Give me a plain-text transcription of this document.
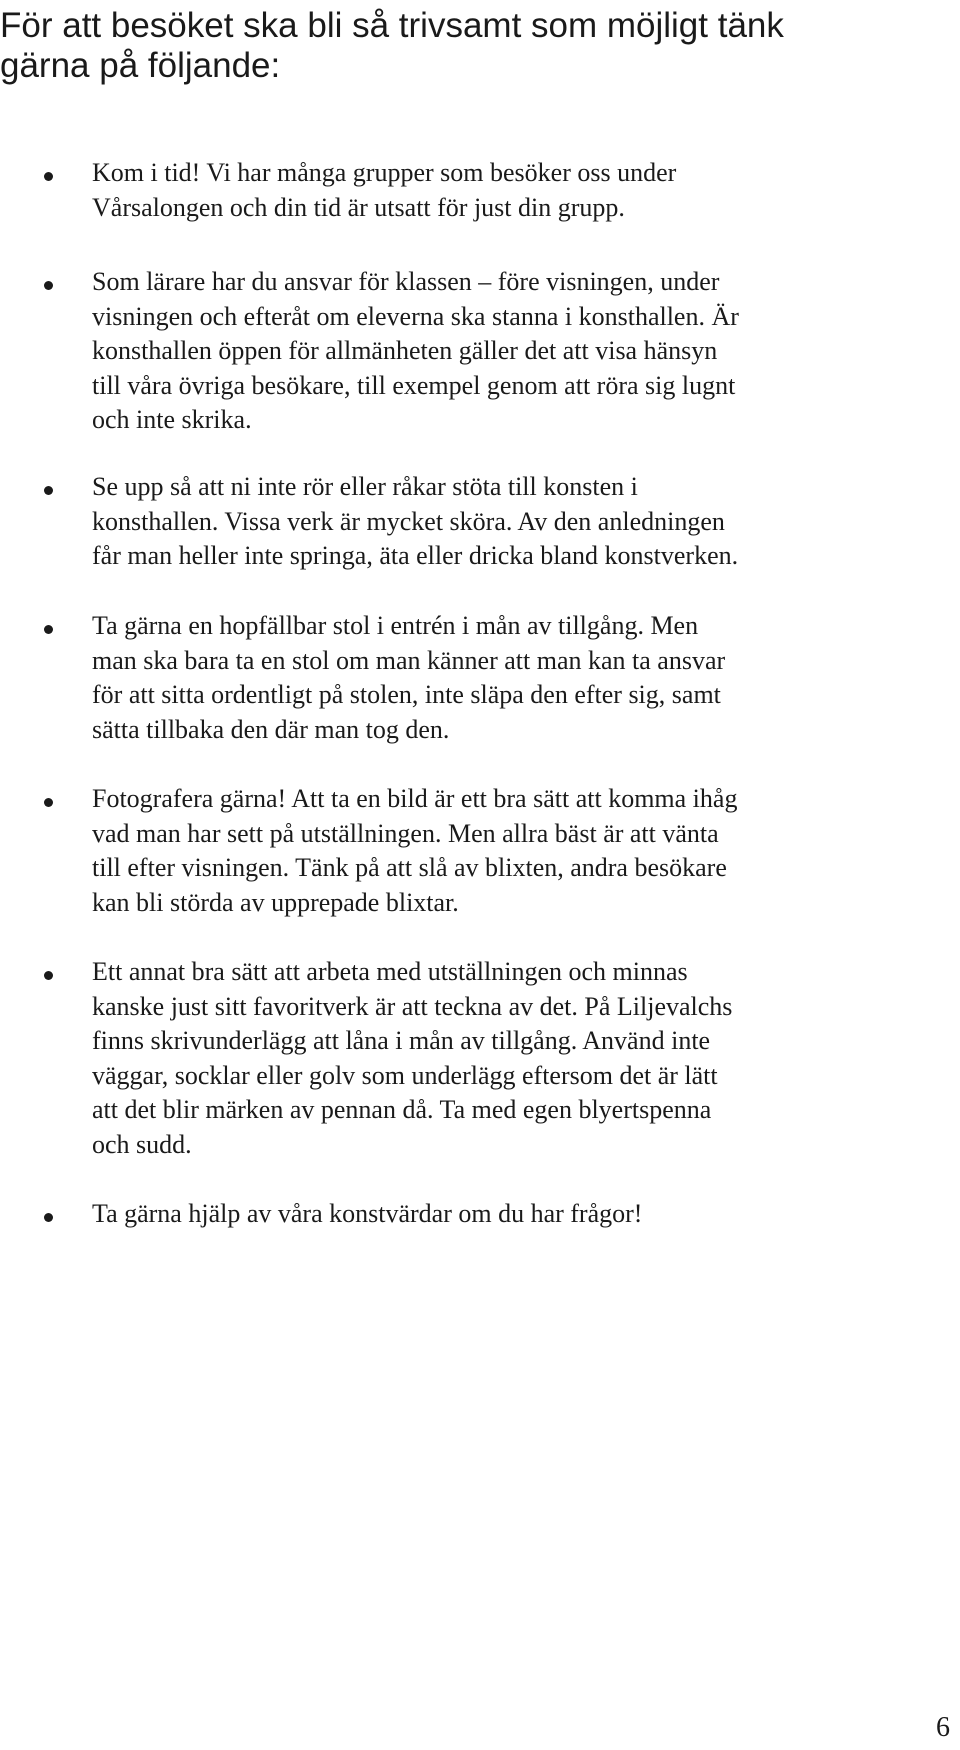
För att besöket ska bli så trivsamt som möjligt tänk
gärna på följande:

Kom i tid! Vi har många grupper som besöker oss under
Vårsalongen och din tid är utsatt för just din grupp.

Som lärare har du ansvar för klassen – före visningen, under
visningen och efteråt om eleverna ska stanna i konsthallen. Är
konsthallen öppen för allmänheten gäller det att visa hänsyn
till våra övriga besökare, till exempel genom att röra sig lugnt
och inte skrika.

Se upp så att ni inte rör eller råkar stöta till konsten i
konsthallen. Vissa verk är mycket sköra. Av den anledningen
får man heller inte springa, äta eller dricka bland konstverken.

Ta gärna en hopfällbar stol i entrén i mån av tillgång. Men
man ska bara ta en stol om man känner att man kan ta ansvar
för att sitta ordentligt på stolen, inte släpa den efter sig, samt
sätta tillbaka den där man tog den.

Fotografera gärna! Att ta en bild är ett bra sätt att komma ihåg
vad man har sett på utställningen. Men allra bäst är att vänta
till efter visningen. Tänk på att slå av blixten, andra besökare
kan bli störda av upprepade blixtar.

Ett annat bra sätt att arbeta med utställningen och minnas
kanske just sitt favoritverk är att teckna av det. På Liljevalchs
finns skrivunderlägg att låna i mån av tillgång. Använd inte
väggar, socklar eller golv som underlägg eftersom det är lätt
att det blir märken av pennan då. Ta med egen blyertspenna
och sudd.

Ta gärna hjälp av våra konstvärdar om du har frågor!

6
